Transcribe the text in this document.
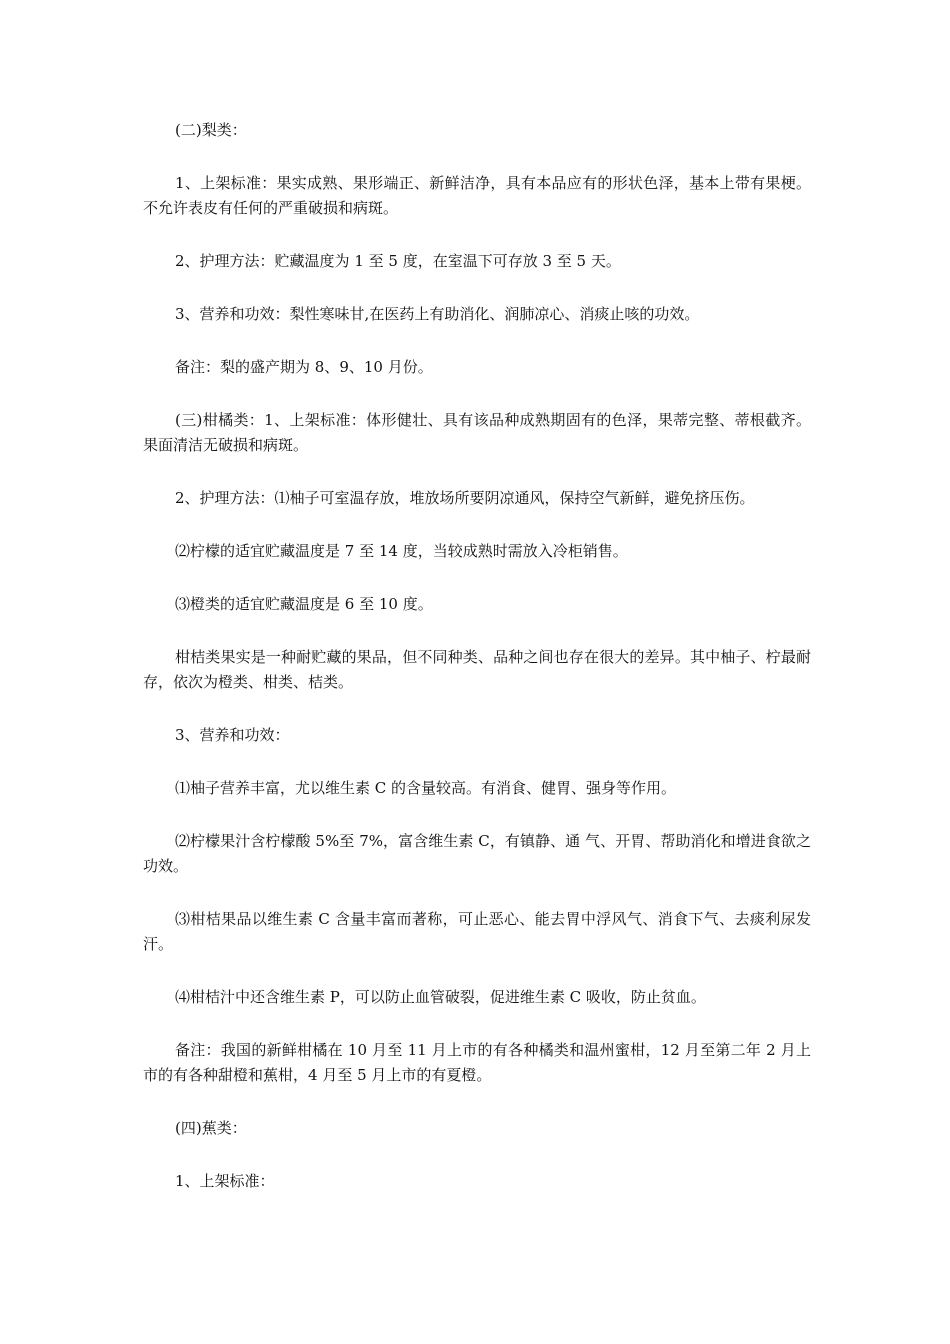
(二)梨类：

1、上架标准：果实成熟、果形端正、新鲜洁净，具有本品应有的形状色泽，基本上带有果梗。不允许表皮有任何的严重破损和病斑。

2、护理方法：贮藏温度为 1 至 5 度，在室温下可存放 3 至 5 天。

3、营养和功效：梨性寒味甘,在医药上有助消化、润肺凉心、消痰止咳的功效。

备注：梨的盛产期为 8、9、10 月份。

(三)柑橘类：1、上架标准：体形健壮、具有该品种成熟期固有的色泽，果蒂完整、蒂根截齐。果面清洁无破损和病斑。

2、护理方法：⑴柚子可室温存放，堆放场所要阴凉通风，保持空气新鲜，避免挤压伤。

⑵柠檬的适宜贮藏温度是 7 至 14 度，当较成熟时需放入冷柜销售。

⑶橙类的适宜贮藏温度是 6 至 10 度。

柑桔类果实是一种耐贮藏的果品，但不同种类、品种之间也存在很大的差异。其中柚子、柠最耐存，依次为橙类、柑类、桔类。

3、营养和功效：

⑴柚子营养丰富，尤以维生素 C 的含量较高。有消食、健胃、强身等作用。

⑵柠檬果汁含柠檬酸 5%至 7%，富含维生素 C，有镇静、通 气、开胃、帮助消化和增进食欲之功效。

⑶柑桔果品以维生素 C 含量丰富而著称，可止恶心、能去胃中浮风气、消食下气、去痰利尿发汗。

⑷柑桔汁中还含维生素 P，可以防止血管破裂，促进维生素 C 吸收，防止贫血。

备注：我国的新鲜柑橘在 10 月至 11 月上市的有各种橘类和温州蜜柑，12 月至第二年 2 月上市的有各种甜橙和蕉柑，4 月至 5 月上市的有夏橙。

(四)蕉类：

1、上架标准：
